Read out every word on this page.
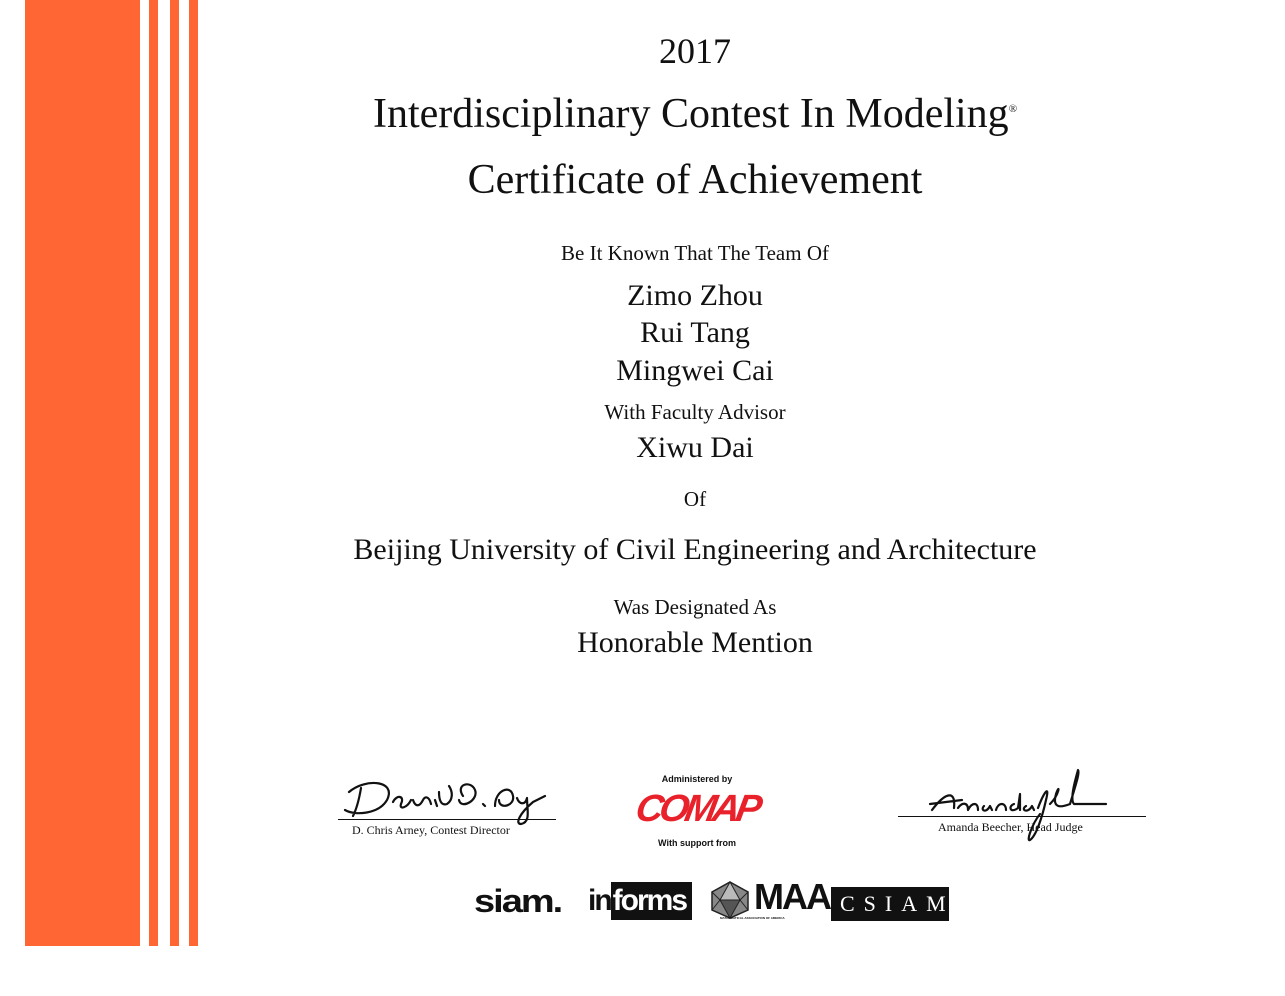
2017
Interdisciplinary Contest In Modeling®
Certificate of Achievement
Be It Known That The Team Of
Zimo Zhou
Rui Tang
Mingwei Cai
With Faculty Advisor
Xiwu Dai
Of
Beijing University of Civil Engineering and Architecture
Was Designated As
Honorable Mention
D. Chris Arney, Contest Director
Administered by
COMAP
With support from
Amanda Beecher, Head Judge
siam. informs MAA
MATHEMATICAL ASSOCIATION OF AMERICA
CSIAM
